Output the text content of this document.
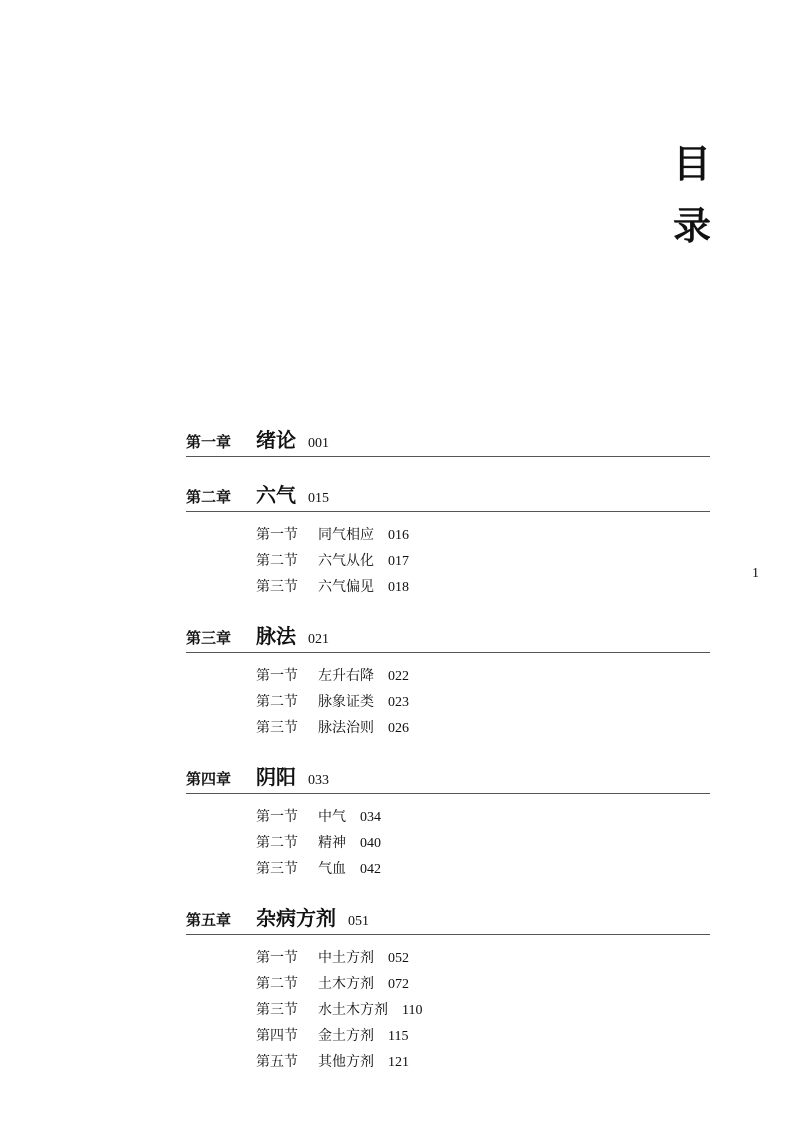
目
录
1
第一章	绪论 001
第二章	六气 015
第一节	同气相应 016
第二节	六气从化 017
第三节	六气偏见 018
第三章	脉法 021
第一节	左升右降 022
第二节	脉象证类 023
第三节	脉法治则 026
第四章	阴阳 033
第一节	中气 034
第二节	精神 040
第三节	气血 042
第五章	杂病方剂 051
第一节	中土方剂 052
第二节	土木方剂 072
第三节	水土木方剂 110
第四节	金土方剂 115
第五节	其他方剂 121
